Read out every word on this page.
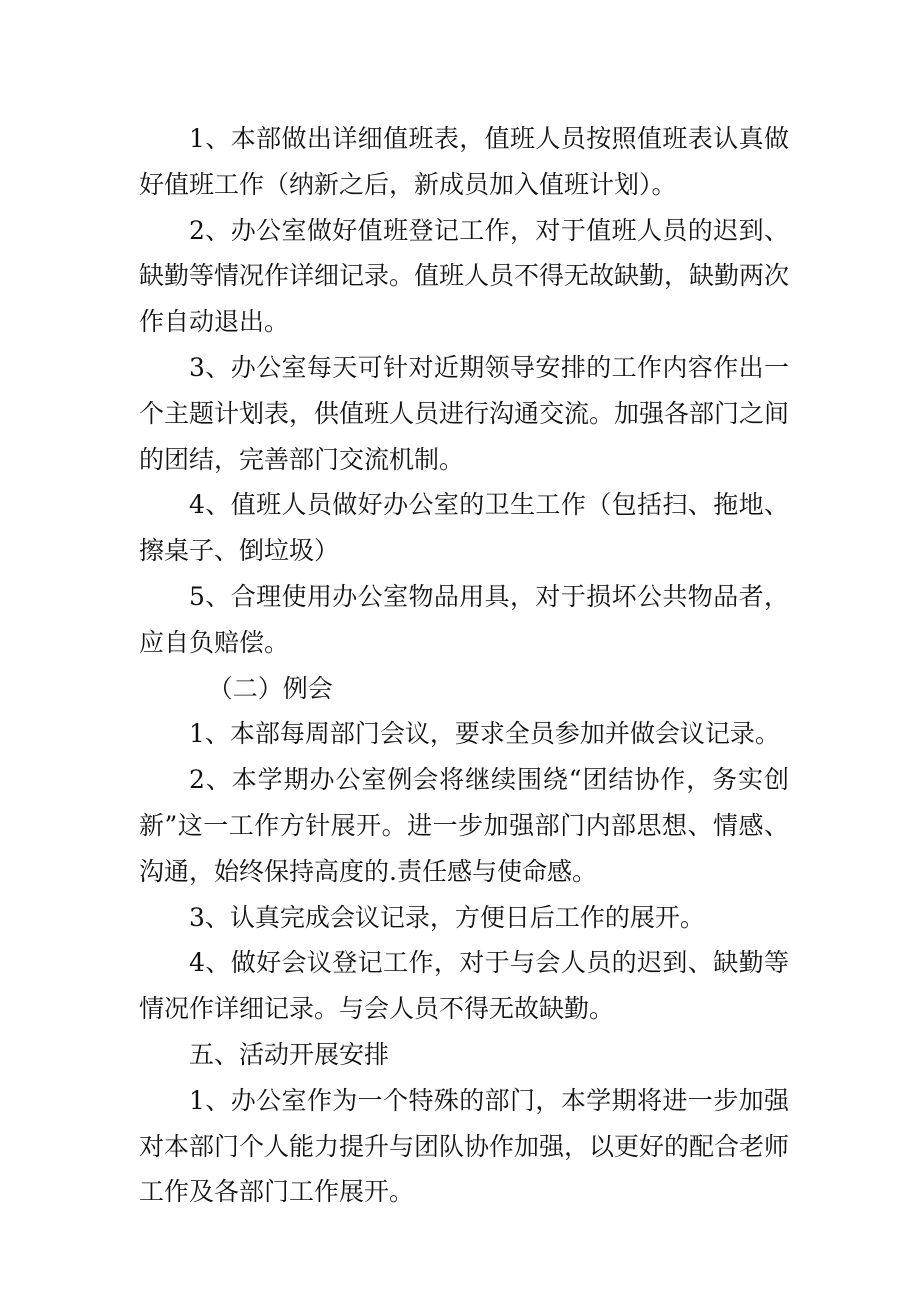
1、本部做出详细值班表，值班人员按照值班表认真做好值班工作（纳新之后，新成员加入值班计划）。

2、办公室做好值班登记工作，对于值班人员的迟到、缺勤等情况作详细记录。值班人员不得无故缺勤，缺勤两次作自动退出。

3、办公室每天可针对近期领导安排的工作内容作出一个主题计划表，供值班人员进行沟通交流。加强各部门之间的团结，完善部门交流机制。

4、值班人员做好办公室的卫生工作（包括扫、拖地、擦桌子、倒垃圾）

5、合理使用办公室物品用具，对于损坏公共物品者，应自负赔偿。

（二）例会

1、本部每周部门会议，要求全员参加并做会议记录。

2、本学期办公室例会将继续围绕“团结协作，务实创新”这一工作方针展开。进一步加强部门内部思想、情感、沟通，始终保持高度的.责任感与使命感。

3、认真完成会议记录，方便日后工作的展开。

4、做好会议登记工作，对于与会人员的迟到、缺勤等情况作详细记录。与会人员不得无故缺勤。

五、活动开展安排

1、办公室作为一个特殊的部门，本学期将进一步加强对本部门个人能力提升与团队协作加强，以更好的配合老师工作及各部门工作展开。
